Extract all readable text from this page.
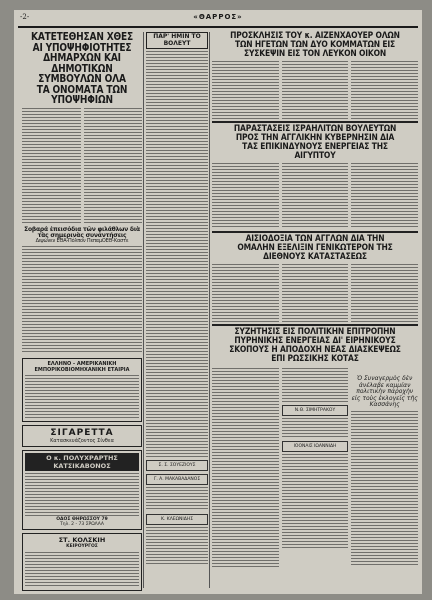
-2-	«ΘΑΡΡΟΣ»
ΚΑΤΕΤΕΘΗΣΑΝ ΧΘΕΣ ΑΙ ΥΠΟΨΗΦΙΟΤΗΤΕΣ ΔΗΜΑΡΧΩΝ ΚΑΙ ΔΗΜΟΤΙΚΩΝ ΣΥΜΒΟΥΛΩΝ ΟΛΑ ΤΑ ΟΝΟΜΑΤΑ ΤΩΝ ΥΠΟΨΗΦΙΩΝ
Σοβαρά ἐπεισόδια τῶν φιλάθλων διὰ τὰς σημερινὰς συναντήσεις
Διψώνεν ΕΘΑ-Πόλπον ΠεπαμΟΕΘ-Καστε
ΕΛΛΗΝΟ - ΑΜΕΡΙΚΑΝΙΚΗ ΕΜΠΟΡΙΚΟΒΙΟΜΗΧΑΝΙΚΗ ΕΤΑΙΡΙΑ
ΣΙΓΑΡΕΤΤΑ
Κατασκευάζοντος Σίνθεα
Ο κ. ΠΟΛΥΧΡΑΡΤΗΣ ΚΑΤΣΙΚΑΒΟΝΟΣ
ΟΔΟΣ ΘΗΡΩΣΣΟΥ 79
Τηλ. 2 - 73 ΣΡΩΛΑΑ
ΣΤ. ΚΟΛΣΚΙΗ
ΚΕΙΡΟΥΡΓΟΣ
ΠΑΡ' ΗΜΙΝ ΤΟ ΒΟΛΕΥΤ
Σ. Σ. ΣΟΥΕΖΙΟΥΣ
Γ. Α. ΜΑΚΑΒΑΔΑΝΟΣ
Κ. ΚΛΕΩΝΙΔΗΣ
ΠΡΟΣΚΛΗΣΙΣ ΤΟΥ κ. ΑΙΖΕΝΧΑΟΥΕΡ ΟΛΩΝ ΤΩΝ ΗΓΕΤΩΝ ΤΩΝ ΔΥΟ ΚΟΜΜΑΤΩΝ ΕΙΣ ΣΥΣΚΕΨΙΝ ΕΙΣ ΤΟΝ ΛΕΥΚΟΝ ΟΙΚΟΝ
ΠΑΡΑΣΤΑΣΕΙΣ ΙΣΡΑΗΛΙΤΩΝ ΒΟΥΛΕΥΤΩΝ ΠΡΟΣ ΤΗΝ ΑΓΓΛΙΚΗΝ ΚΥΒΕΡΝΗΣΙΝ ΔΙΑ ΤΑΣ ΕΠΙΚΙΝΔΥΝΟΥΣ ΕΝΕΡΓΕΙΑΣ ΤΗΣ ΑΙΓΥΠΤΟΥ
ΑΙΣΙΟΔΟΞΙΑ ΤΩΝ ΑΓΓΛΩΝ ΔΙΑ ΤΗΝ ΟΜΑΛΗΝ ΕΞΕΛΙΞΙΝ ΓΕΝΙΚΩΤΕΡΟΝ ΤΗΣ ΔΙΕΘΝΟΥΣ ΚΑΤΑΣΤΑΣΕΩΣ
ΣΥΖΗΤΗΣΙΣ ΕΙΣ ΠΟΛΙΤΙΚΗΝ ΕΠΙΤΡΟΠΗΝ ΠΥΡΗΝΙΚΗΣ ΕΝΕΡΓΕΙΑΣ ΔΙ' ΕΙΡΗΝΙΚΟΥΣ ΣΚΟΠΟΥΣ Η ΑΠΟΔΟΧΗ ΝΕΑΣ ΔΙΑΣΚΕΨΕΩΣ ΕΠΙ ΡΩΣΣΙΚΗΣ ΚΟΤΑΣ
Ν.Θ. ΣΙΜΗΤΡΑΚΟΥ
ΙΟΟΝΑΙΣ ΙΩΑΝΝΙΔΗ
Ὁ Συναγερμὸς δὲν ἀνέλαβε καμμίαν πολιτικὴν παροχὴν εἰς τοὺς ἐκλογεῖς τῆς Κασσάνης
